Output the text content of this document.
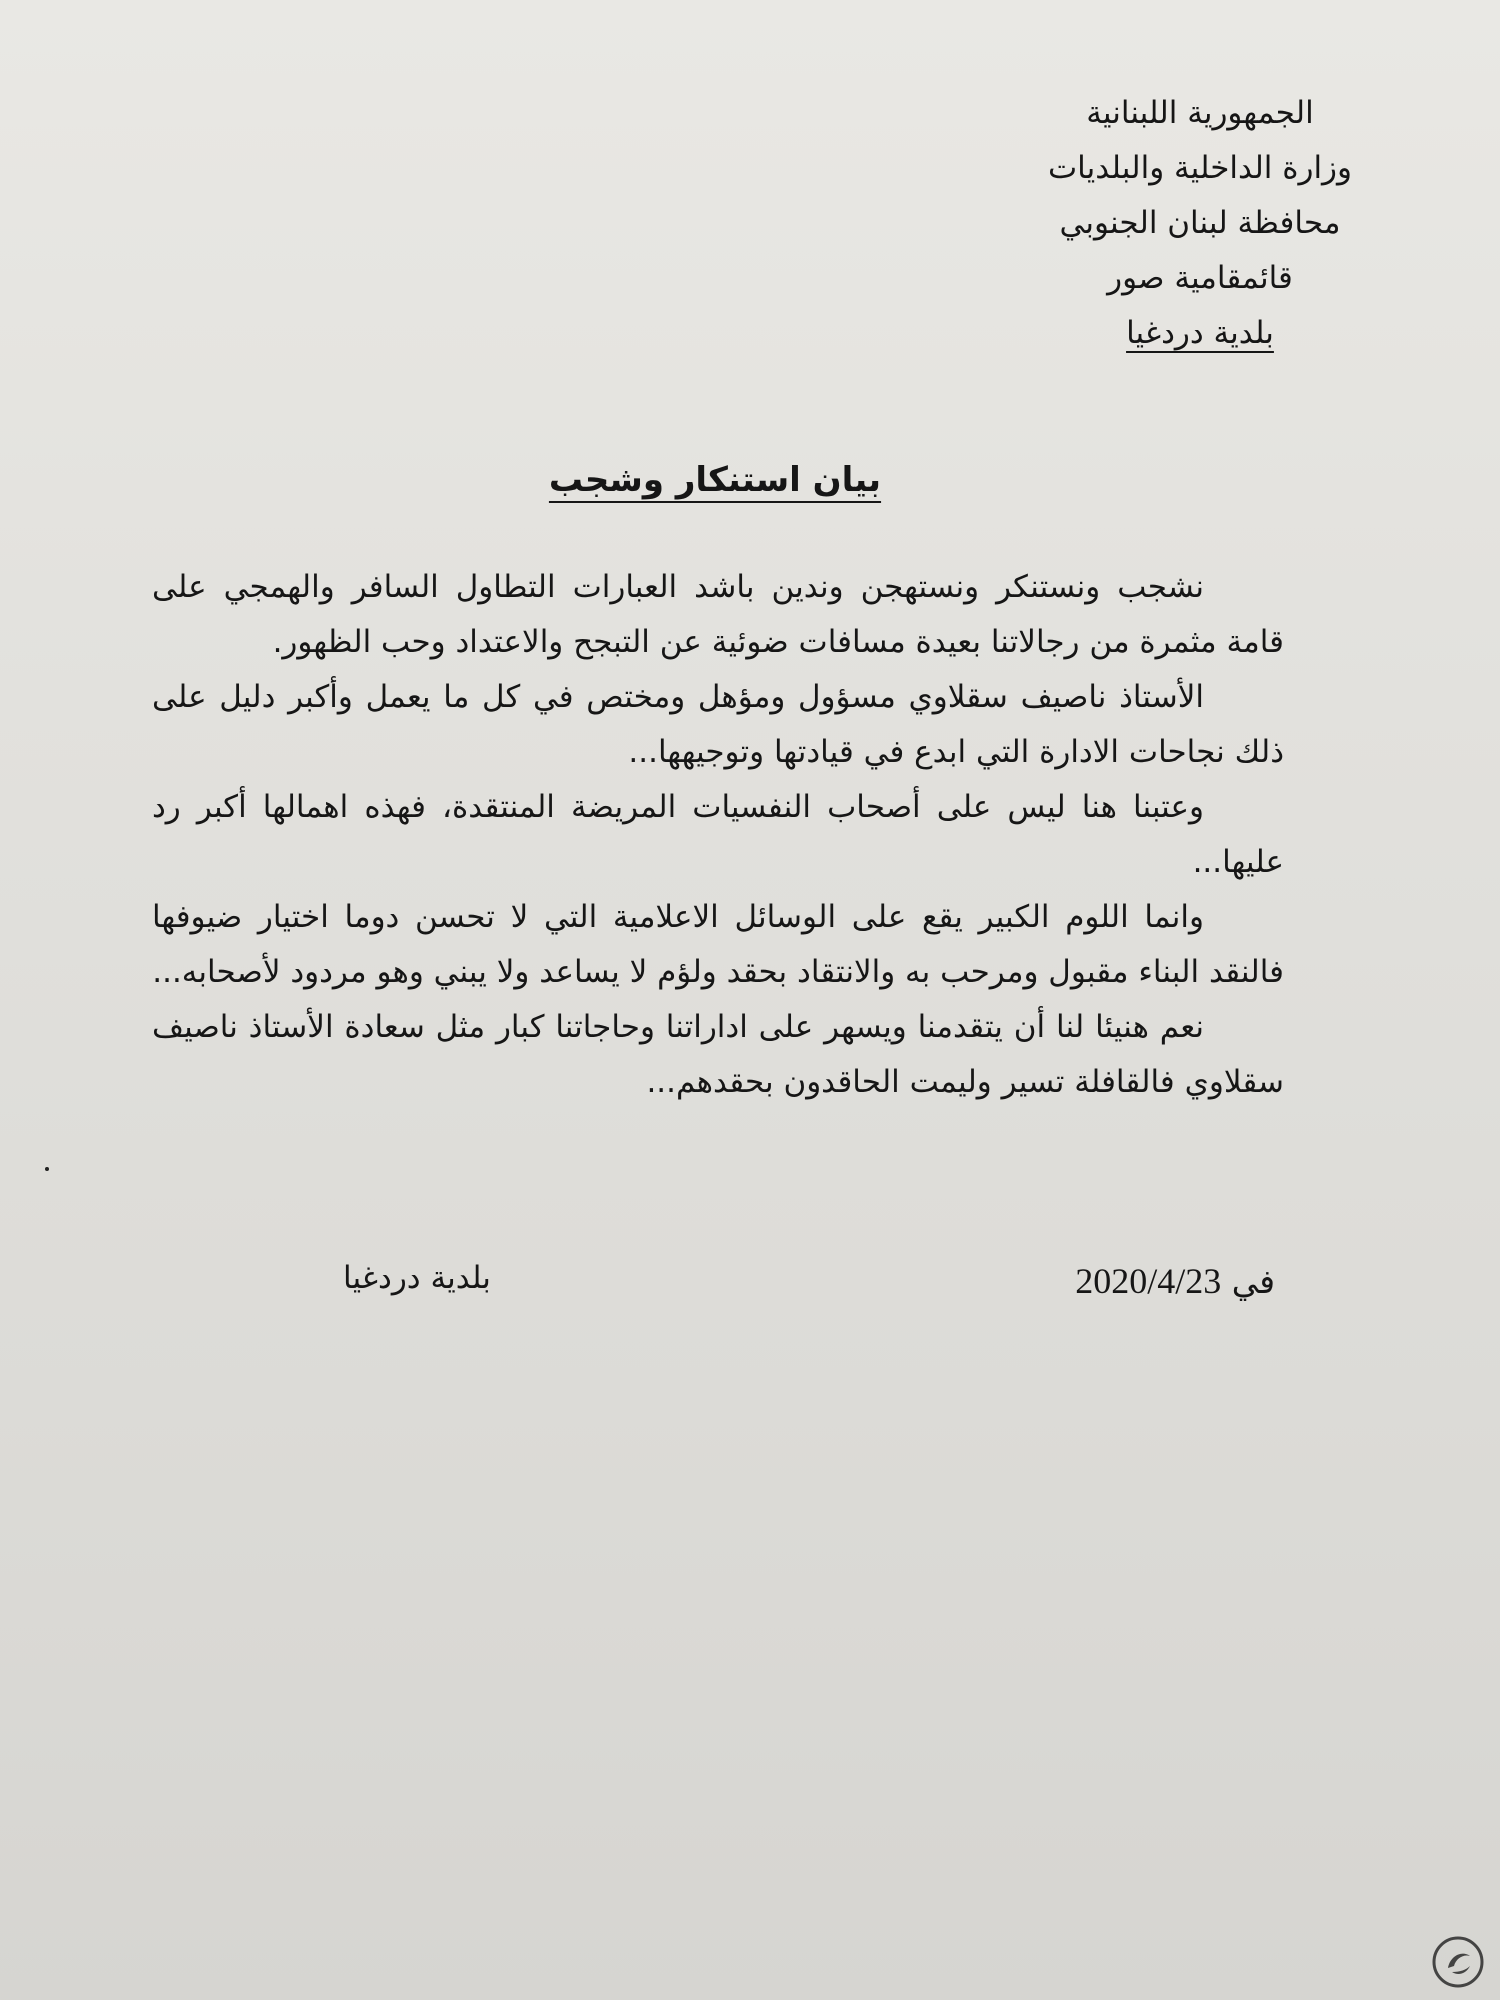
الجمهورية اللبنانية
وزارة الداخلية والبلديات
محافظة لبنان الجنوبي
قائمقامية صور
بلدية دردغيا
بيان استنكار وشجب

نشجب ونستنكر ونستهجن وندين باشد العبارات التطاول السافر والهمجي على قامة مثمرة من رجالاتنا بعيدة مسافات ضوئية عن التبجح والاعتداد وحب الظهور.

الأستاذ ناصيف سقلاوي مسؤول ومؤهل ومختص في كل ما يعمل وأكبر دليل على ذلك نجاحات الادارة التي ابدع في قيادتها وتوجيهها...

وعتبنا هنا ليس على أصحاب النفسيات المريضة المنتقدة، فهذه اهمالها أكبر رد عليها...

وانما اللوم الكبير يقع على الوسائل الاعلامية التي لا تحسن دوما اختيار ضيوفها فالنقد البناء مقبول ومرحب به والانتقاد بحقد ولؤم لا يساعد ولا يبني وهو مردود لأصحابه...

نعم هنيئا لنا أن يتقدمنا ويسهر على اداراتنا وحاجاتنا كبار مثل سعادة الأستاذ ناصيف سقلاوي فالقافلة تسير وليمت الحاقدون بحقدهم...

في 2020/4/23
بلدية دردغيا
